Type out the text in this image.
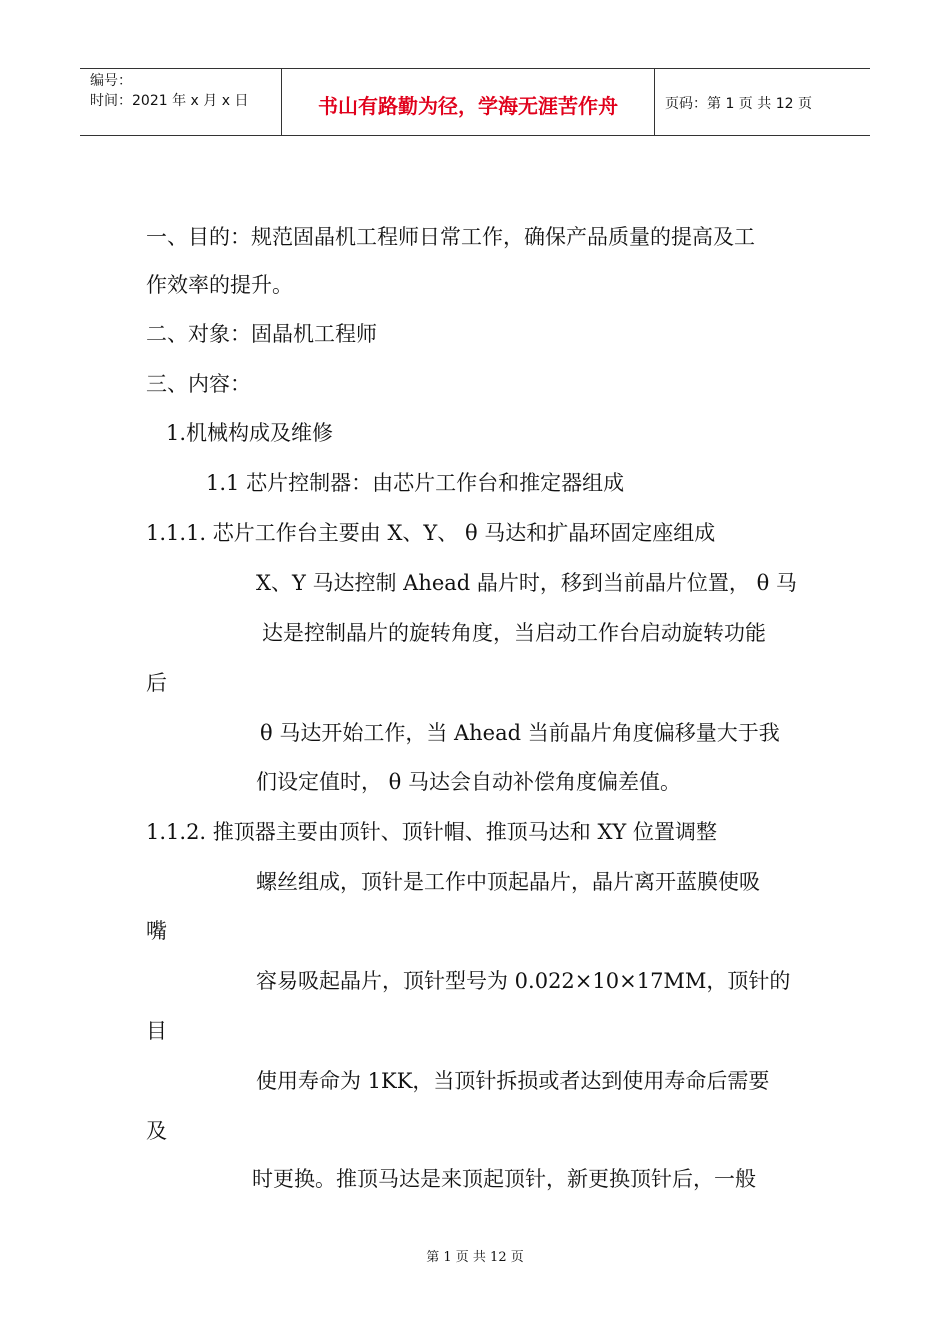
编号：
时间：2021 年 x 月 x 日	书山有路勤为径，学海无涯苦作舟	页码：第 1 页 共 12 页
一、目的：规范固晶机工程师日常工作，确保产品质量的提高及工
作效率的提升。
二、对象：固晶机工程师
三、内容：
1.机械构成及维修
1.1 芯片控制器：由芯片工作台和推定器组成
1.1.1. 芯片工作台主要由 X、Y、 θ 马达和扩晶环固定座组成
X、Y 马达控制 Ahead 晶片时，移到当前晶片位置， θ 马
达是控制晶片的旋转角度，当启动工作台启动旋转功能
后
θ 马达开始工作，当 Ahead 当前晶片角度偏移量大于我
们设定值时， θ 马达会自动补偿角度偏差值。
1.1.2. 推顶器主要由顶针、顶针帽、推顶马达和 XY 位置调整
螺丝组成，顶针是工作中顶起晶片，晶片离开蓝膜使吸
嘴
容易吸起晶片，顶针型号为 0.022×10×17MM，顶针的
目
使用寿命为 1KK，当顶针拆损或者达到使用寿命后需要
及
时更换。推顶马达是来顶起顶针，新更换顶针后，一般
第 1 页 共 12 页
